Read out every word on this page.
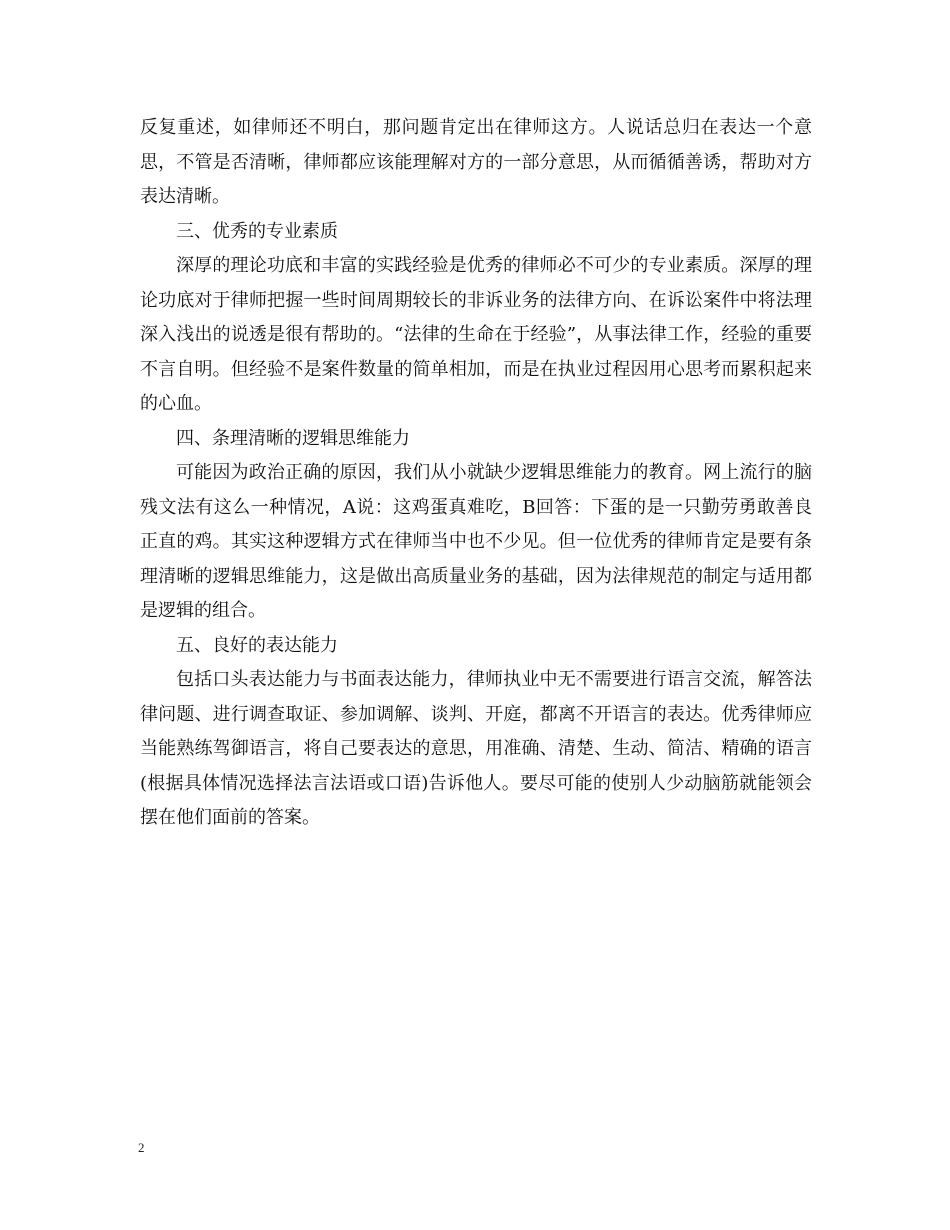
反复重述，如律师还不明白，那问题肯定出在律师这方。人说话总归在表达一个意思，不管是否清晰，律师都应该能理解对方的一部分意思，从而循循善诱，帮助对方表达清晰。

三、优秀的专业素质

深厚的理论功底和丰富的实践经验是优秀的律师必不可少的专业素质。深厚的理论功底对于律师把握一些时间周期较长的非诉业务的法律方向、在诉讼案件中将法理深入浅出的说透是很有帮助的。“法律的生命在于经验”，从事法律工作，经验的重要不言自明。但经验不是案件数量的简单相加，而是在执业过程因用心思考而累积起来的心血。

四、条理清晰的逻辑思维能力

可能因为政治正确的原因，我们从小就缺少逻辑思维能力的教育。网上流行的脑残文法有这么一种情况，A说：这鸡蛋真难吃，B回答：下蛋的是一只勤劳勇敢善良正直的鸡。其实这种逻辑方式在律师当中也不少见。但一位优秀的律师肯定是要有条理清晰的逻辑思维能力，这是做出高质量业务的基础，因为法律规范的制定与适用都是逻辑的组合。

五、良好的表达能力

包括口头表达能力与书面表达能力，律师执业中无不需要进行语言交流，解答法律问题、进行调查取证、参加调解、谈判、开庭，都离不开语言的表达。优秀律师应当能熟练驾御语言，将自己要表达的意思，用准确、清楚、生动、简洁、精确的语言(根据具体情况选择法言法语或口语)告诉他人。要尽可能的使别人少动脑筋就能领会摆在他们面前的答案。

2
